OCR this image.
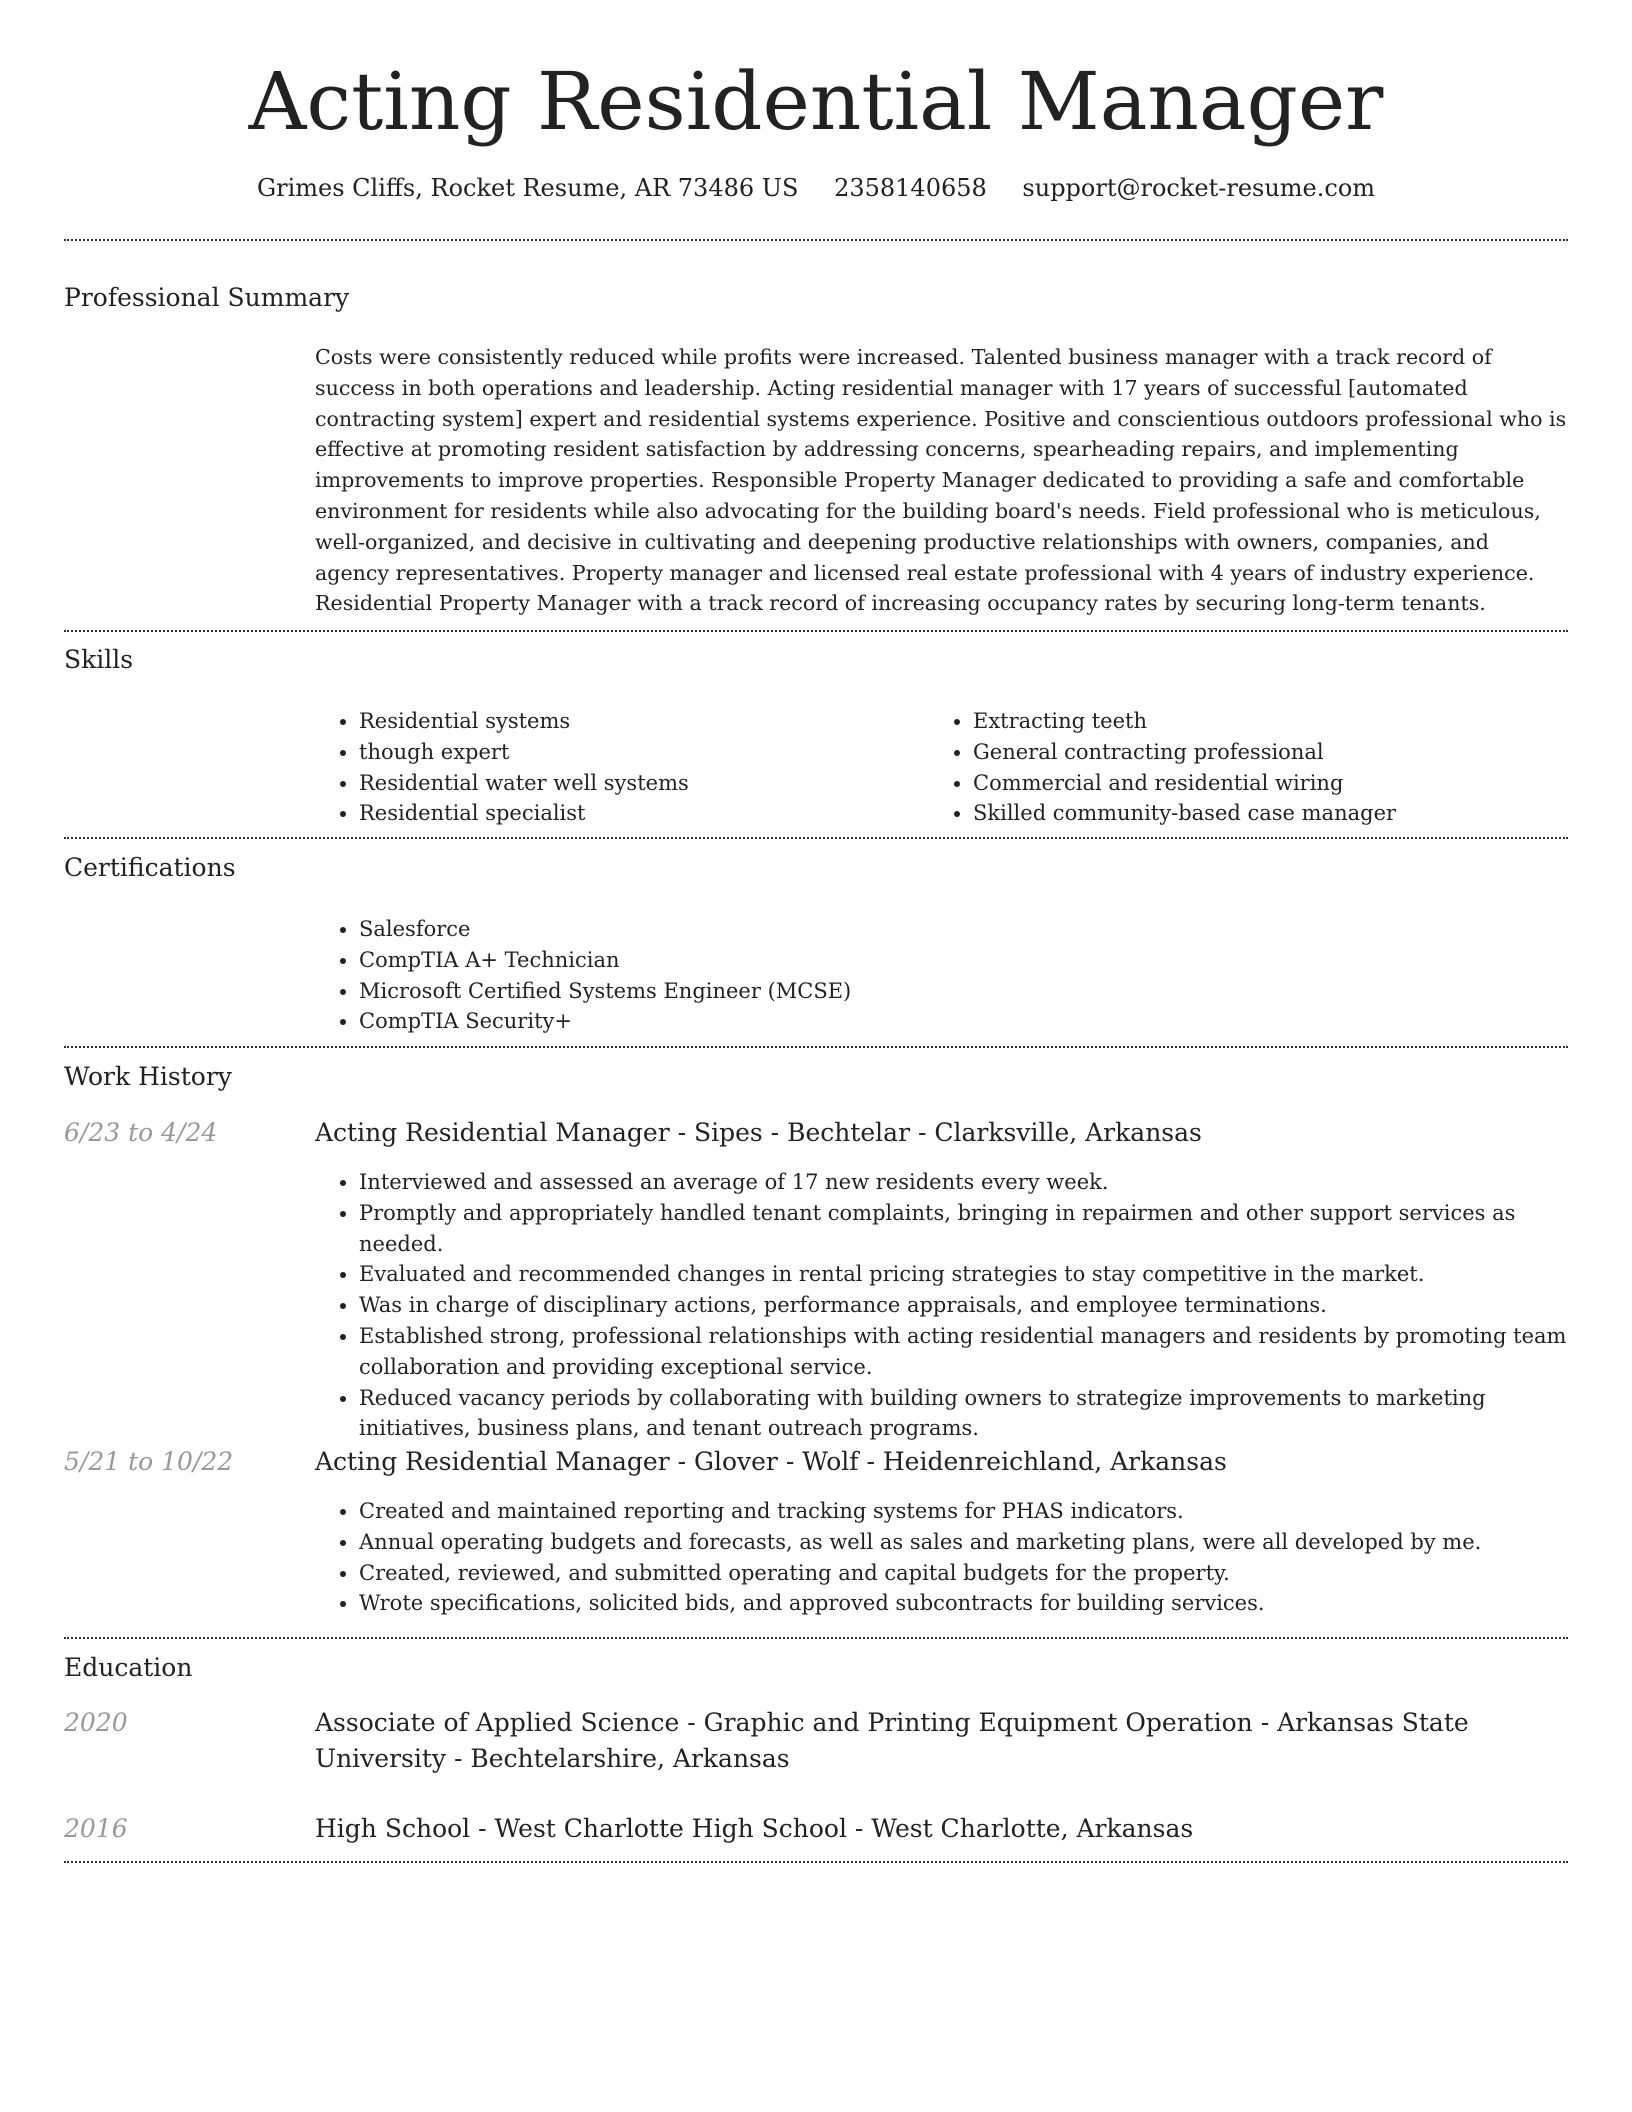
Acting Residential Manager
Grimes Cliffs, Rocket Resume, AR 73486 US 2358140658 support@rocket-resume.com
Professional Summary

Costs were consistently reduced while profits were increased. Talented business manager with a track record of success in both operations and leadership. Acting residential manager with 17 years of successful [automated contracting system] expert and residential systems experience. Positive and conscientious outdoors professional who is effective at promoting resident satisfaction by addressing concerns, spearheading repairs, and implementing improvements to improve properties. Responsible Property Manager dedicated to providing a safe and comfortable environment for residents while also advocating for the building board's needs. Field professional who is meticulous, well-organized, and decisive in cultivating and deepening productive relationships with owners, companies, and agency representatives. Property manager and licensed real estate professional with 4 years of industry experience. Residential Property Manager with a track record of increasing occupancy rates by securing long-term tenants.

Skills
• Residential systems
• though expert
• Residential water well systems
• Residential specialist
• Extracting teeth
• General contracting professional
• Commercial and residential wiring
• Skilled community-based case manager
Certifications
• Salesforce
• CompTIA A+ Technician
• Microsoft Certified Systems Engineer (MCSE)
• CompTIA Security+
Work History
6/23 to 4/24	Acting Residential Manager - Sipes - Bechtelar - Clarksville, Arkansas
• Interviewed and assessed an average of 17 new residents every week.
• Promptly and appropriately handled tenant complaints, bringing in repairmen and other support services as needed.
• Evaluated and recommended changes in rental pricing strategies to stay competitive in the market.
• Was in charge of disciplinary actions, performance appraisals, and employee terminations.
• Established strong, professional relationships with acting residential managers and residents by promoting team collaboration and providing exceptional service.
• Reduced vacancy periods by collaborating with building owners to strategize improvements to marketing initiatives, business plans, and tenant outreach programs.
5/21 to 10/22	Acting Residential Manager - Glover - Wolf - Heidenreichland, Arkansas
• Created and maintained reporting and tracking systems for PHAS indicators.
• Annual operating budgets and forecasts, as well as sales and marketing plans, were all developed by me.
• Created, reviewed, and submitted operating and capital budgets for the property.
• Wrote specifications, solicited bids, and approved subcontracts for building services.
Education
2020	Associate of Applied Science - Graphic and Printing Equipment Operation - Arkansas State University - Bechtelarshire, Arkansas
2016	High School - West Charlotte High School - West Charlotte, Arkansas
